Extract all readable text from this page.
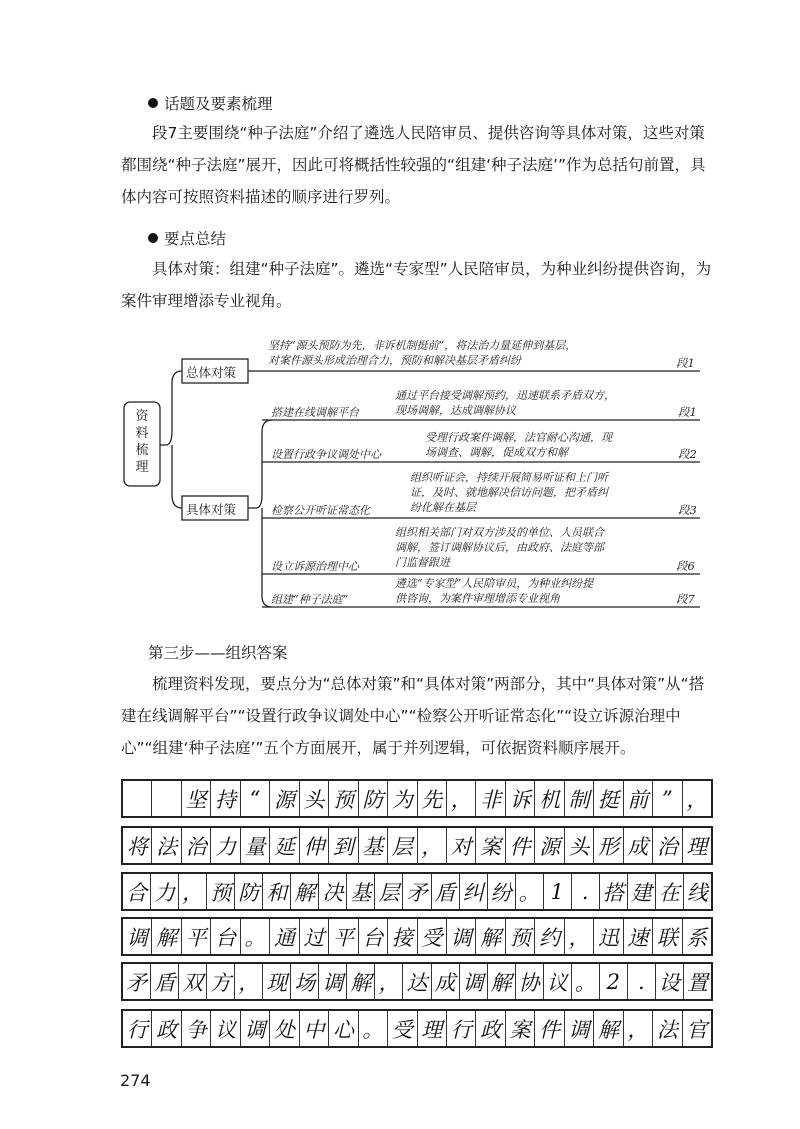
话题及要素梳理
段7主要围绕“种子法庭”介绍了遴选人民陪审员、提供咨询等具体对策，这些对策都围绕“种子法庭”展开，因此可将概括性较强的“组建‘种子法庭’”作为总括句前置，具体内容可按照资料描述的顺序进行罗列。
要点总结
具体对策：组建“种子法庭”。遴选“专家型”人民陪审员，为种业纠纷提供咨询，为案件审理增添专业视角。
资料梳理
总体对策
坚持“源头预防为先，非诉机制挺前”，将法治力量延伸到基层，
对案件源头形成治理合力，预防和解决基层矛盾纠纷	段1
具体对策
搭建在线调解平台
通过平台接受调解预约，迅速联系矛盾双方，
现场调解，达成调解协议	段1
设置行政争议调处中心
受理行政案件调解，法官耐心沟通，现
场调查、调解，促成双方和解	段2
检察公开听证常态化
组织听证会，持续开展简易听证和上门听
证，及时、就地解决信访问题，把矛盾纠
纷化解在基层	段3
设立诉源治理中心
组织相关部门对双方涉及的单位、人员联合
调解，签订调解协议后，由政府、法庭等部
门监督跟进	段6
组建“种子法庭”
遴选“专家型”人民陪审员，为种业纠纷提
供咨询，为案件审理增添专业视角	段7
第三步——组织答案
梳理资料发现，要点分为“总体对策”和“具体对策”两部分，其中“具体对策”从“搭建在线调解平台”“设置行政争议调处中心”“检察公开听证常态化”“设立诉源治理中心”“组建‘种子法庭’”五个方面展开，属于并列逻辑，可依据资料顺序展开。
坚 持 “ 源 头 预 防 为 先 ， 非 诉 机 制 挺 前 ” ，
将 法 治 力 量 延 伸 到 基 层 ， 对 案 件 源 头 形 成 治 理
合 力 ， 预 防 和 解 决 基 层 矛 盾 纠 纷 。 1 . 搭 建 在 线
调 解 平 台 。 通 过 平 台 接 受 调 解 预 约 ， 迅 速 联 系
矛 盾 双 方 ， 现 场 调 解 ， 达 成 调 解 协 议 。 2 . 设 置
行 政 争 议 调 处 中 心 。 受 理 行 政 案 件 调 解 ， 法 官
274
